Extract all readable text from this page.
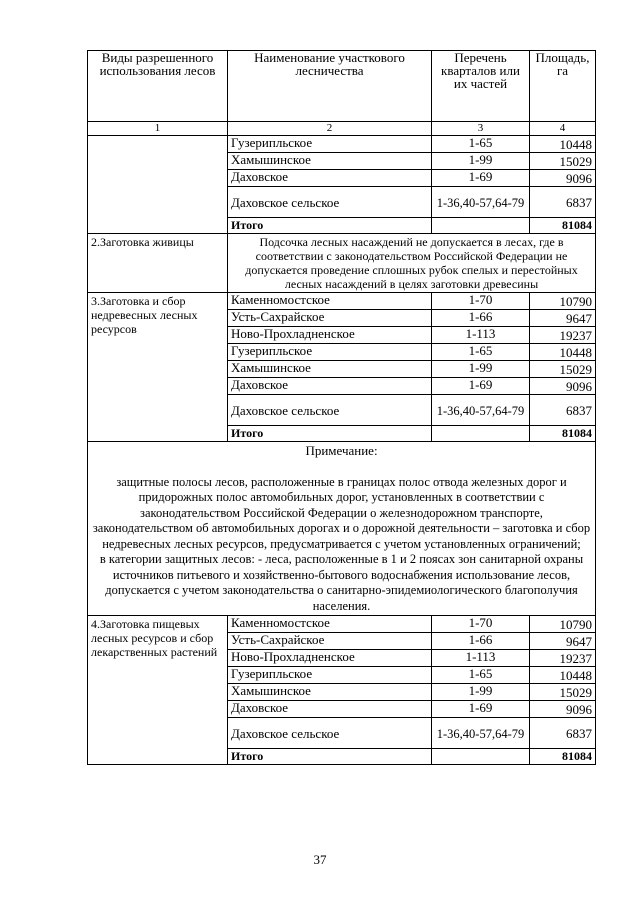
Виды разрешенного использования лесов	Наименование участкового лесничества	Перечень кварталов или их частей	Площадь, га
1	2	3	4
	Гузерипльское	1-65	10448
	Хамышинское	1-99	15029
	Даховское	1-69	9096
	Даховское сельское	1-36,40-57,64-79	6837
	Итого		81084
2.Заготовка живицы	Подсочка лесных насаждений не допускается в лесах, где в соответствии с законодательством Российской Федерации не допускается проведение сплошных рубок спелых и перестойных лесных насаждений в целях заготовки древесины		
3.Заготовка и сбор недревесных лесных ресурсов	Каменномостское	1-70	10790
	Усть-Сахрайское	1-66	9647
	Ново-Прохладненское	1-113	19237
	Гузерипльское	1-65	10448
	Хамышинское	1-99	15029
	Даховское	1-69	9096
	Даховское сельское	1-36,40-57,64-79	6837
	Итого		81084

Примечание:
защитные полосы лесов, расположенные в границах полос отвода железных дорог и придорожных полос автомобильных дорог, установленных в соответствии с законодательством Российской Федерации о железнодорожном транспорте, законодательством об автомобильных дорогах и о дорожной деятельности – заготовка и сбор недревесных лесных ресурсов, предусматривается с учетом установленных ограничений;
в категории защитных лесов: - леса, расположенные в 1 и 2 поясах зон санитарной охраны источников питьевого и хозяйственно-бытового водоснабжения использование лесов, допускается с учетом законодательства о санитарно-эпидемиологического благополучия населения.			

4.Заготовка пищевых лесных ресурсов и сбор лекарственных растений	Каменномостское	1-70	10790
	Усть-Сахрайское	1-66	9647
	Ново-Прохладненское	1-113	19237
	Гузерипльское	1-65	10448
	Хамышинское	1-99	15029
	Даховское	1-69	9096
	Даховское сельское	1-36,40-57,64-79	6837
	Итого		81084
37
